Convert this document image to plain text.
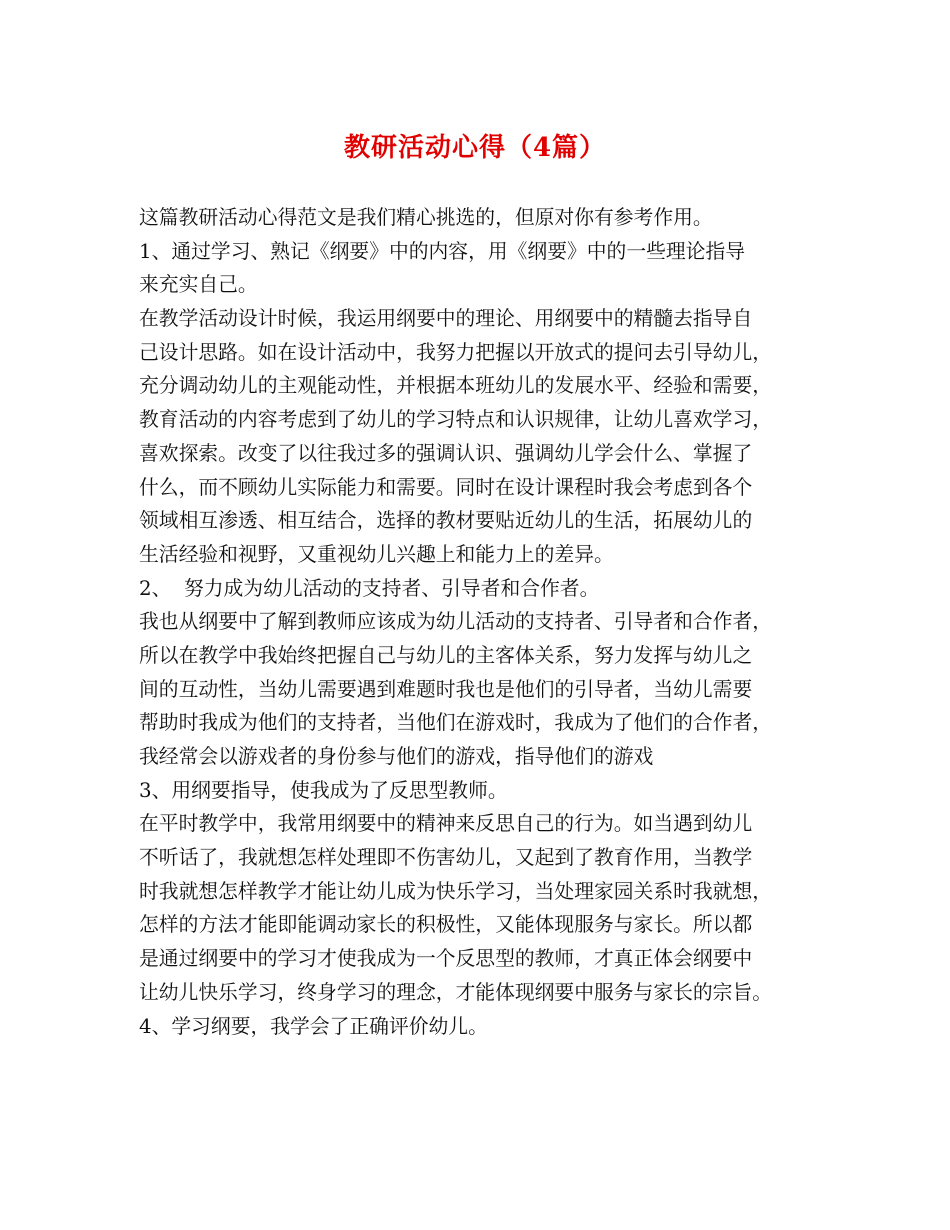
教研活动心得（4篇）
这篇教研活动心得范文是我们精心挑选的，但原对你有参考作用。
1、通过学习、熟记《纲要》中的内容，用《纲要》中的一些理论指导
来充实自己。
在教学活动设计时候，我运用纲要中的理论、用纲要中的精髓去指导自
己设计思路。如在设计活动中，我努力把握以开放式的提问去引导幼儿，
充分调动幼儿的主观能动性，并根据本班幼儿的发展水平、经验和需要，
教育活动的内容考虑到了幼儿的学习特点和认识规律，让幼儿喜欢学习，
喜欢探索。改变了以往我过多的强调认识、强调幼儿学会什么、掌握了
什么，而不顾幼儿实际能力和需要。同时在设计课程时我会考虑到各个
领域相互渗透、相互结合，选择的教材要贴近幼儿的生活，拓展幼儿的
生活经验和视野，又重视幼儿兴趣上和能力上的差异。
2、  努力成为幼儿活动的支持者、引导者和合作者。
我也从纲要中了解到教师应该成为幼儿活动的支持者、引导者和合作者，
所以在教学中我始终把握自己与幼儿的主客体关系，努力发挥与幼儿之
间的互动性，当幼儿需要遇到难题时我也是他们的引导者，当幼儿需要
帮助时我成为他们的支持者，当他们在游戏时，我成为了他们的合作者，
我经常会以游戏者的身份参与他们的游戏，指导他们的游戏
3、用纲要指导，使我成为了反思型教师。
在平时教学中，我常用纲要中的精神来反思自己的行为。如当遇到幼儿
不听话了，我就想怎样处理即不伤害幼儿，又起到了教育作用，当教学
时我就想怎样教学才能让幼儿成为快乐学习，当处理家园关系时我就想，
怎样的方法才能即能调动家长的积极性，又能体现服务与家长。所以都
是通过纲要中的学习才使我成为一个反思型的教师，才真正体会纲要中
让幼儿快乐学习，终身学习的理念，才能体现纲要中服务与家长的宗旨。
4、学习纲要，我学会了正确评价幼儿。
